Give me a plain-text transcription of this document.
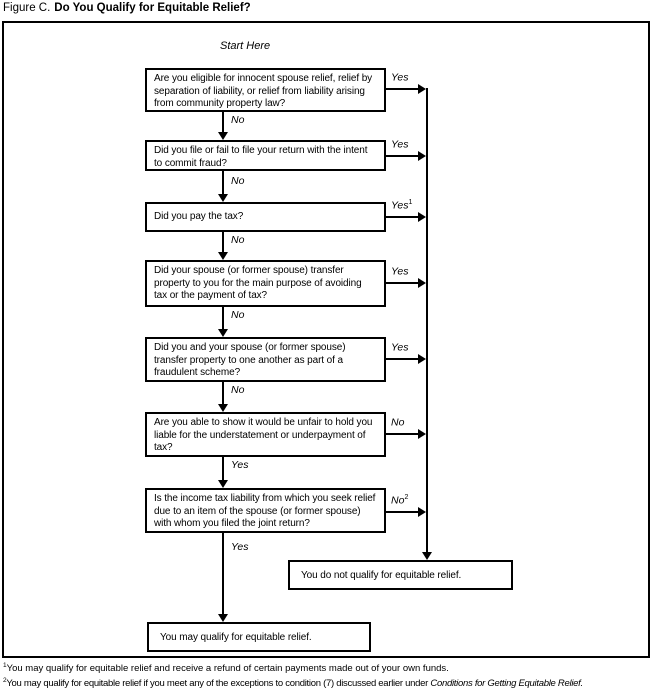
Figure C. Do You Qualify for Equitable Relief?
Start Here
Are you eligible for innocent spouse relief, relief by separation of liability, or relief from liability arising from community property law?
Did you file or fail to file your return with the intent to commit fraud?
Did you pay the tax?
Did your spouse (or former spouse) transfer property to you for the main purpose of avoiding tax or the payment of tax?
Did you and your spouse (or former spouse) transfer property to one another as part of a fraudulent scheme?
Are you able to show it would be unfair to hold you liable for the understatement or underpayment of tax?
Is the income tax liability from which you seek relief due to an item of the spouse (or former spouse) with whom you filed the joint return?
No
No
No
No
No
Yes
Yes
Yes
Yes
Yes$^1$
Yes
Yes
No
No$^2$
You do not qualify for equitable relief.
You may qualify for equitable relief.
$^1$You may qualify for equitable relief and receive a refund of certain payments made out of your own funds.
$^2$You may qualify for equitable relief if you meet any of the exceptions to condition (7) discussed earlier under Conditions for Getting Equitable Relief.
